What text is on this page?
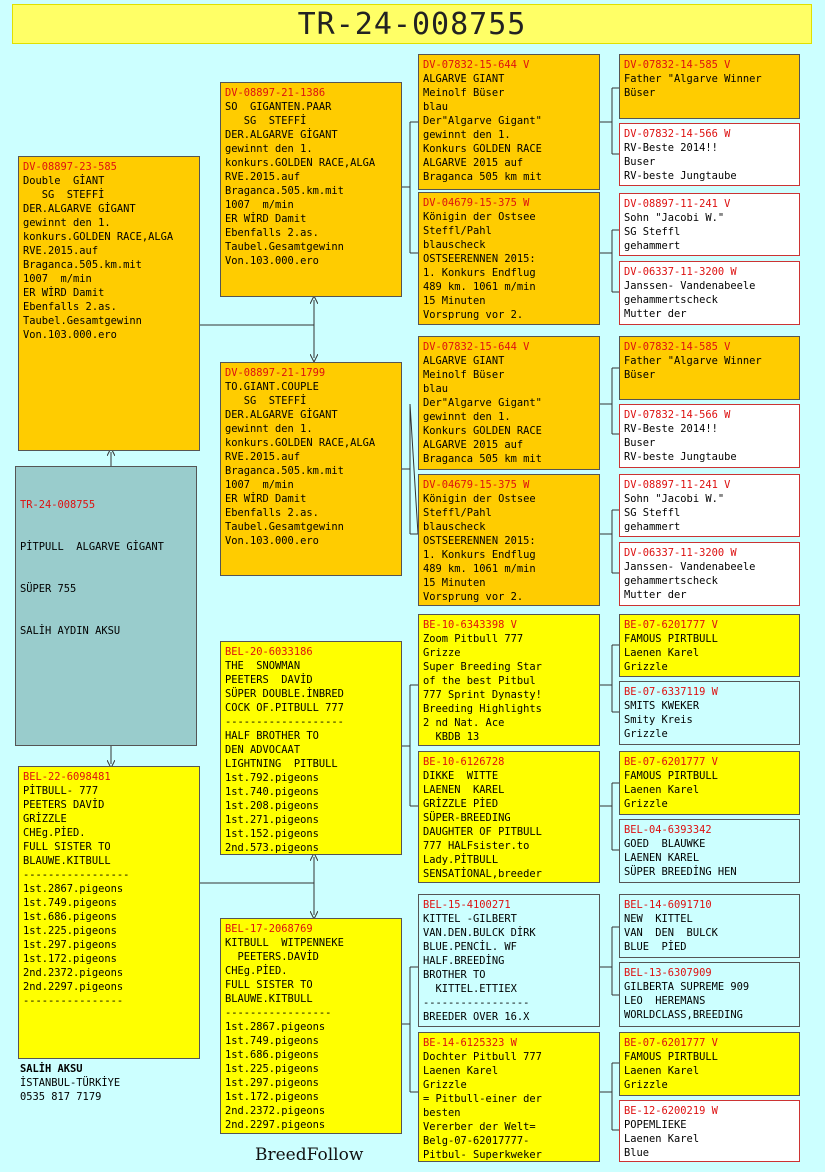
TR-24-008755

TR-24-008755

PİTPULL  ALGARVE GİGANT

SÜPER 755

SALİH AYDIN AKSU

DV-08897-23-585
Double  GİANT
SG  STEFFİ
DER.ALGARVE GİGANT
gewinnt den 1.
konkurs.GOLDEN RACE,ALGA
RVE.2015.auf
Braganca.505.km.mit
1007  m/min
ER WİRD Damit
Ebenfalls 2.as.
Taubel.Gesamtgewinn
Von.103.000.ero
BEL-22-6098481
PİTBULL- 777
PEETERS DAVİD
GRİZZLE
CHEg.PİED.
FULL SISTER TO
BLAUWE.KITBULL
-----------------
1st.2867.pigeons
1st.749.pigeons
1st.686.pigeons
1st.225.pigeons
1st.297.pigeons
1st.172.pigeons
2nd.2372.pigeons
2nd.2297.pigeons
----------------
DV-08897-21-1386
SO  GIGANTEN.PAAR
SG  STEFFİ
DER.ALGARVE GİGANT
gewinnt den 1.
konkurs.GOLDEN RACE,ALGA
RVE.2015.auf
Braganca.505.km.mit
1007  m/min
ER WİRD Damit
Ebenfalls 2.as.
Taubel.Gesamtgewinn
Von.103.000.ero
DV-08897-21-1799
TO.GIANT.COUPLE
SG  STEFFİ
DER.ALGARVE GİGANT
gewinnt den 1.
konkurs.GOLDEN RACE,ALGA
RVE.2015.auf
Braganca.505.km.mit
1007  m/min
ER WİRD Damit
Ebenfalls 2.as.
Taubel.Gesamtgewinn
Von.103.000.ero
BEL-20-6033186
THE  SNOWMAN
PEETERS  DAVİD
SÜPER DOUBLE.İNBRED
COCK OF.PITBULL 777
-------------------
HALF BROTHER TO
DEN ADVOCAAT
LIGHTNING  PITBULL
1st.792.pigeons
1st.740.pigeons
1st.208.pigeons
1st.271.pigeons
1st.152.pigeons
2nd.573.pigeons
BEL-17-2068769
KITBULL  WITPENNEKE
PEETERS.DAVİD
CHEg.PİED.
FULL SISTER TO
BLAUWE.KITBULL
-----------------
1st.2867.pigeons
1st.749.pigeons
1st.686.pigeons
1st.225.pigeons
1st.297.pigeons
1st.172.pigeons
2nd.2372.pigeons
2nd.2297.pigeons
DV-07832-15-644 V
ALGARVE GIANT
Meinolf Büser
blau
Der"Algarve Gigant"
gewinnt den 1.
Konkurs GOLDEN RACE
ALGARVE 2015 auf
Braganca 505 km mit
DV-04679-15-375 W
Königin der Ostsee
Steffl/Pahl
blauscheck
OSTSEERENNEN 2015:
1. Konkurs Endflug
489 km. 1061 m/min
15 Minuten
Vorsprung vor 2.
DV-07832-15-644 V
ALGARVE GIANT
Meinolf Büser
blau
Der"Algarve Gigant"
gewinnt den 1.
Konkurs GOLDEN RACE
ALGARVE 2015 auf
Braganca 505 km mit
DV-04679-15-375 W
Königin der Ostsee
Steffl/Pahl
blauscheck
OSTSEERENNEN 2015:
1. Konkurs Endflug
489 km. 1061 m/min
15 Minuten
Vorsprung vor 2.
BE-10-6343398 V
Zoom Pitbull 777
Grizze
Super Breeding Star
of the best Pitbul
777 Sprint Dynasty!
Breeding Highlights
2 nd Nat. Ace
KBDB 13
BE-10-6126728
DIKKE  WITTE
LAENEN  KAREL
GRİZZLE PİED
SÜPER-BREEDING
DAUGHTER OF PITBULL
777 HALFsister.to
Lady.PİTBULL
SENSATİONAL,breeder
BEL-15-4100271
KITTEL -GILBERT
VAN.DEN.BULCK DİRK
BLUE.PENCİL. WF
HALF.BREEDİNG
BROTHER TO
KITTEL.ETTIEX
-----------------
BREEDER OVER 16.X
BE-14-6125323 W
Dochter Pitbull 777
Laenen Karel
Grizzle
= Pitbull-einer der
besten
Vererber der Welt=
Belg-07-62017777-
Pitbul- Superkweker
DV-07832-14-585 V
Father "Algarve Winner
Büser
DV-07832-14-566 W
RV-Beste 2014!!
Buser
RV-beste Jungtaube
DV-08897-11-241 V
Sohn "Jacobi W."
SG Steffl
gehammert
DV-06337-11-3200 W
Janssen- Vandenabeele
gehammertscheck
Mutter der
DV-07832-14-585 V
Father "Algarve Winner
Büser
DV-07832-14-566 W
RV-Beste 2014!!
Buser
RV-beste Jungtaube
DV-08897-11-241 V
Sohn "Jacobi W."
SG Steffl
gehammert
DV-06337-11-3200 W
Janssen- Vandenabeele
gehammertscheck
Mutter der
BE-07-6201777 V
FAMOUS PIRTBULL
Laenen Karel
Grizzle
BE-07-6337119 W
SMITS KWEKER
Smity Kreis
Grizzle
BE-07-6201777 V
FAMOUS PIRTBULL
Laenen Karel
Grizzle
BEL-04-6393342
GOED  BLAUWKE
LAENEN KAREL
SÜPER BREEDİNG HEN
BEL-14-6091710
NEW  KITTEL
VAN  DEN  BULCK
BLUE  PİED
BEL-13-6307909
GILBERTA SUPREME 909
LEO  HEREMANS
WORLDCLASS,BREEDING
BE-07-6201777 V
FAMOUS PIRTBULL
Laenen Karel
Grizzle
BE-12-6200219 W
POPEMLIEKE
Laenen Karel
Blue
SALİH AKSU
İSTANBUL-TÜRKİYE
0535 817 7179
BreedFollow
